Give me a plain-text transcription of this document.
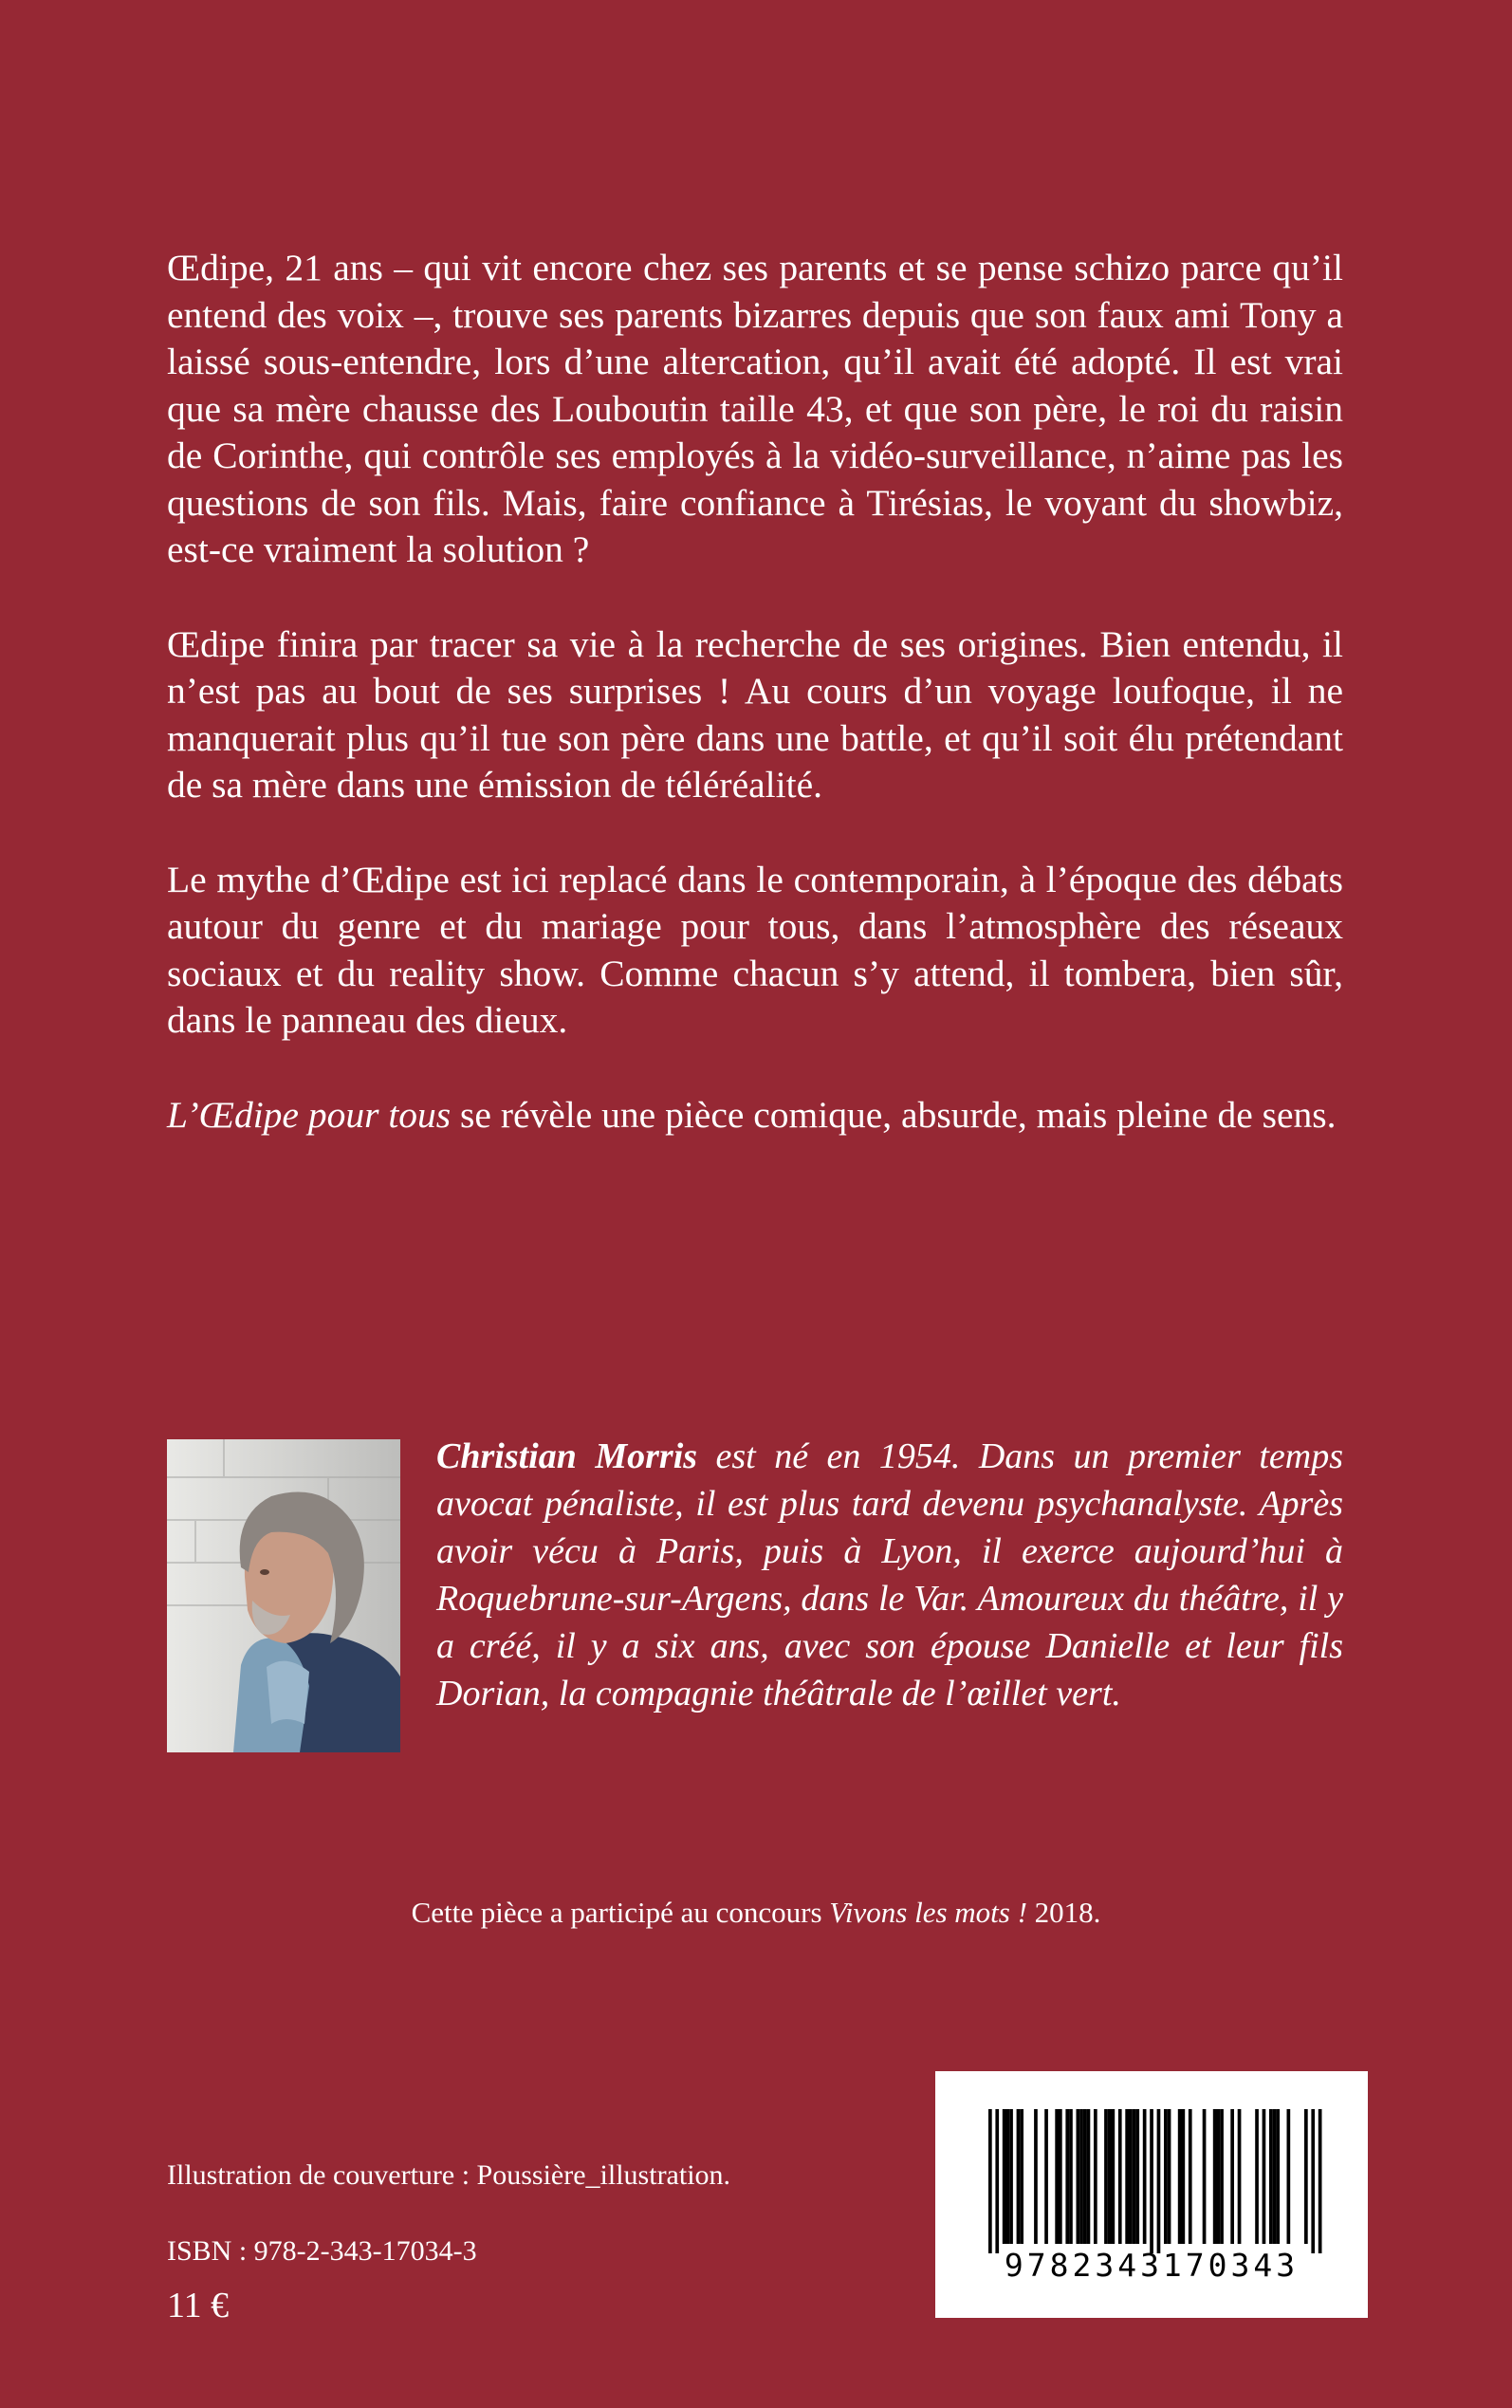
Œdipe, 21 ans – qui vit encore chez ses parents et se pense schizo parce qu’il entend des voix –, trouve ses parents bizarres depuis que son faux ami Tony a laissé sous-entendre, lors d’une altercation, qu’il avait été adopté. Il est vrai que sa mère chausse des Louboutin taille 43, et que son père, le roi du raisin de Corinthe, qui contrôle ses employés à la vidéo-surveillance, n’aime pas les questions de son fils. Mais, faire confiance à Tirésias, le voyant du showbiz, est-ce vraiment la solution ?

Œdipe finira par tracer sa vie à la recherche de ses origines. Bien entendu, il n’est pas au bout de ses surprises ! Au cours d’un voyage loufoque, il ne manquerait plus qu’il tue son père dans une battle, et qu’il soit élu prétendant de sa mère dans une émission de téléréalité.

Le mythe d’Œdipe est ici replacé dans le contemporain, à l’époque des débats autour du genre et du mariage pour tous, dans l’atmosphère des réseaux sociaux et du reality show. Comme chacun s’y attend, il tombera, bien sûr, dans le panneau des dieux.

L’Œdipe pour tous se révèle une pièce comique, absurde, mais pleine de sens.

Christian Morris est né en 1954. Dans un premier temps avocat pénaliste, il est plus tard devenu psychanalyste. Après avoir vécu à Paris, puis à Lyon, il exerce aujourd’hui à Roquebrune-sur-Argens, dans le Var. Amoureux du théâtre, il y a créé, il y a six ans, avec son épouse Danielle et leur fils Dorian, la compagnie théâtrale de l’œillet vert.
Cette pièce a participé au concours Vivons les mots ! 2018.
Illustration de couverture : Poussière_illustration.
ISBN : 978-2-343-17034-3
11 €
9782343170343
